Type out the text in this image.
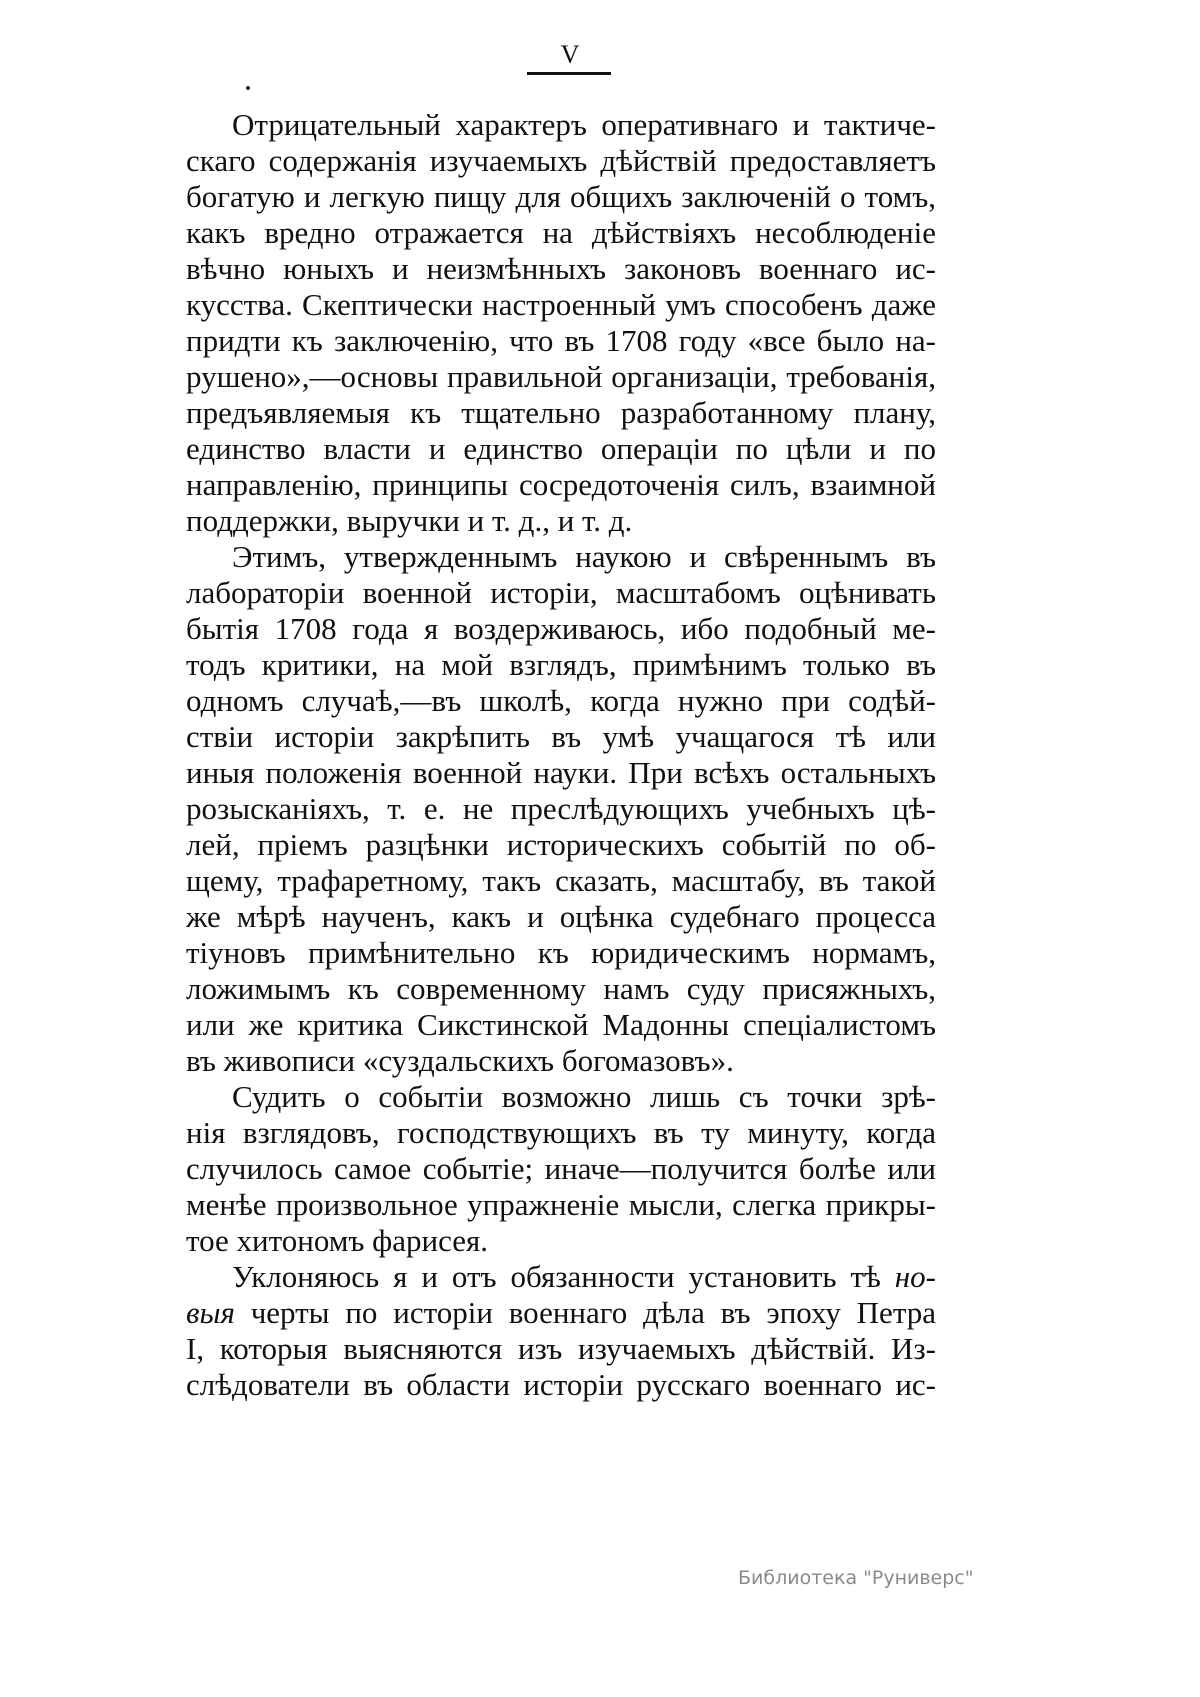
V
Отрицательный характеръ оперативнаго и тактиче-
скаго содержанія изучаемыхъ дѣйствій предоставляетъ
богатую и легкую пищу для общихъ заключеній о томъ,
какъ вредно отражается на дѣйствіяхъ несоблюденіе
вѣчно юныхъ и неизмѣнныхъ законовъ военнаго ис-
кусства. Скептически настроенный умъ способенъ даже
придти къ заключенію, что въ 1708 году «все было на-
рушено»,—основы правильной организаціи, требованія,
предъявляемыя къ тщательно разработанному плану,
единство власти и единство операціи по цѣли и по
направленію, принципы сосредоточенія силъ, взаимной
поддержки, выручки и т. д., и т. д.
Этимъ, утвержденнымъ наукою и свѣреннымъ въ
лабораторіи военной исторіи, масштабомъ оцѣнивать
бытія 1708 года я воздерживаюсь, ибо подобный ме-
тодъ критики, на мой взглядъ, примѣнимъ только въ
одномъ случаѣ,—въ школѣ, когда нужно при содѣй-
ствіи исторіи закрѣпить въ умѣ учащагося тѣ или
иныя положенія военной науки. При всѣхъ остальныхъ
розысканіяхъ, т. е. не преслѣдующихъ учебныхъ цѣ-
лей, пріемъ разцѣнки историческихъ событій по об-
щему, трафаретному, такъ сказать, масштабу, въ такой
же мѣрѣ наученъ, какъ и оцѣнка судебнаго процесса
тіуновъ примѣнительно къ юридическимъ нормамъ,
ложимымъ къ современному намъ суду присяжныхъ,
или же критика Сикстинской Мадонны спеціалистомъ
въ живописи «суздальскихъ богомазовъ».
Судить о событіи возможно лишь съ точки зрѣ-
нія взглядовъ, господствующихъ въ ту минуту, когда
случилось самое событіе; иначе—получится болѣе или
менѣе произвольное упражненіе мысли, слегка прикры-
тое хитономъ фарисея.
Уклоняюсь я и отъ обязанности установить тѣ но-
выя черты по исторіи военнаго дѣла въ эпоху Петра
I, которыя выясняются изъ изучаемыхъ дѣйствій. Из-
слѣдователи въ области исторіи русскаго военнаго ис-
Библиотека "Руниверс"
